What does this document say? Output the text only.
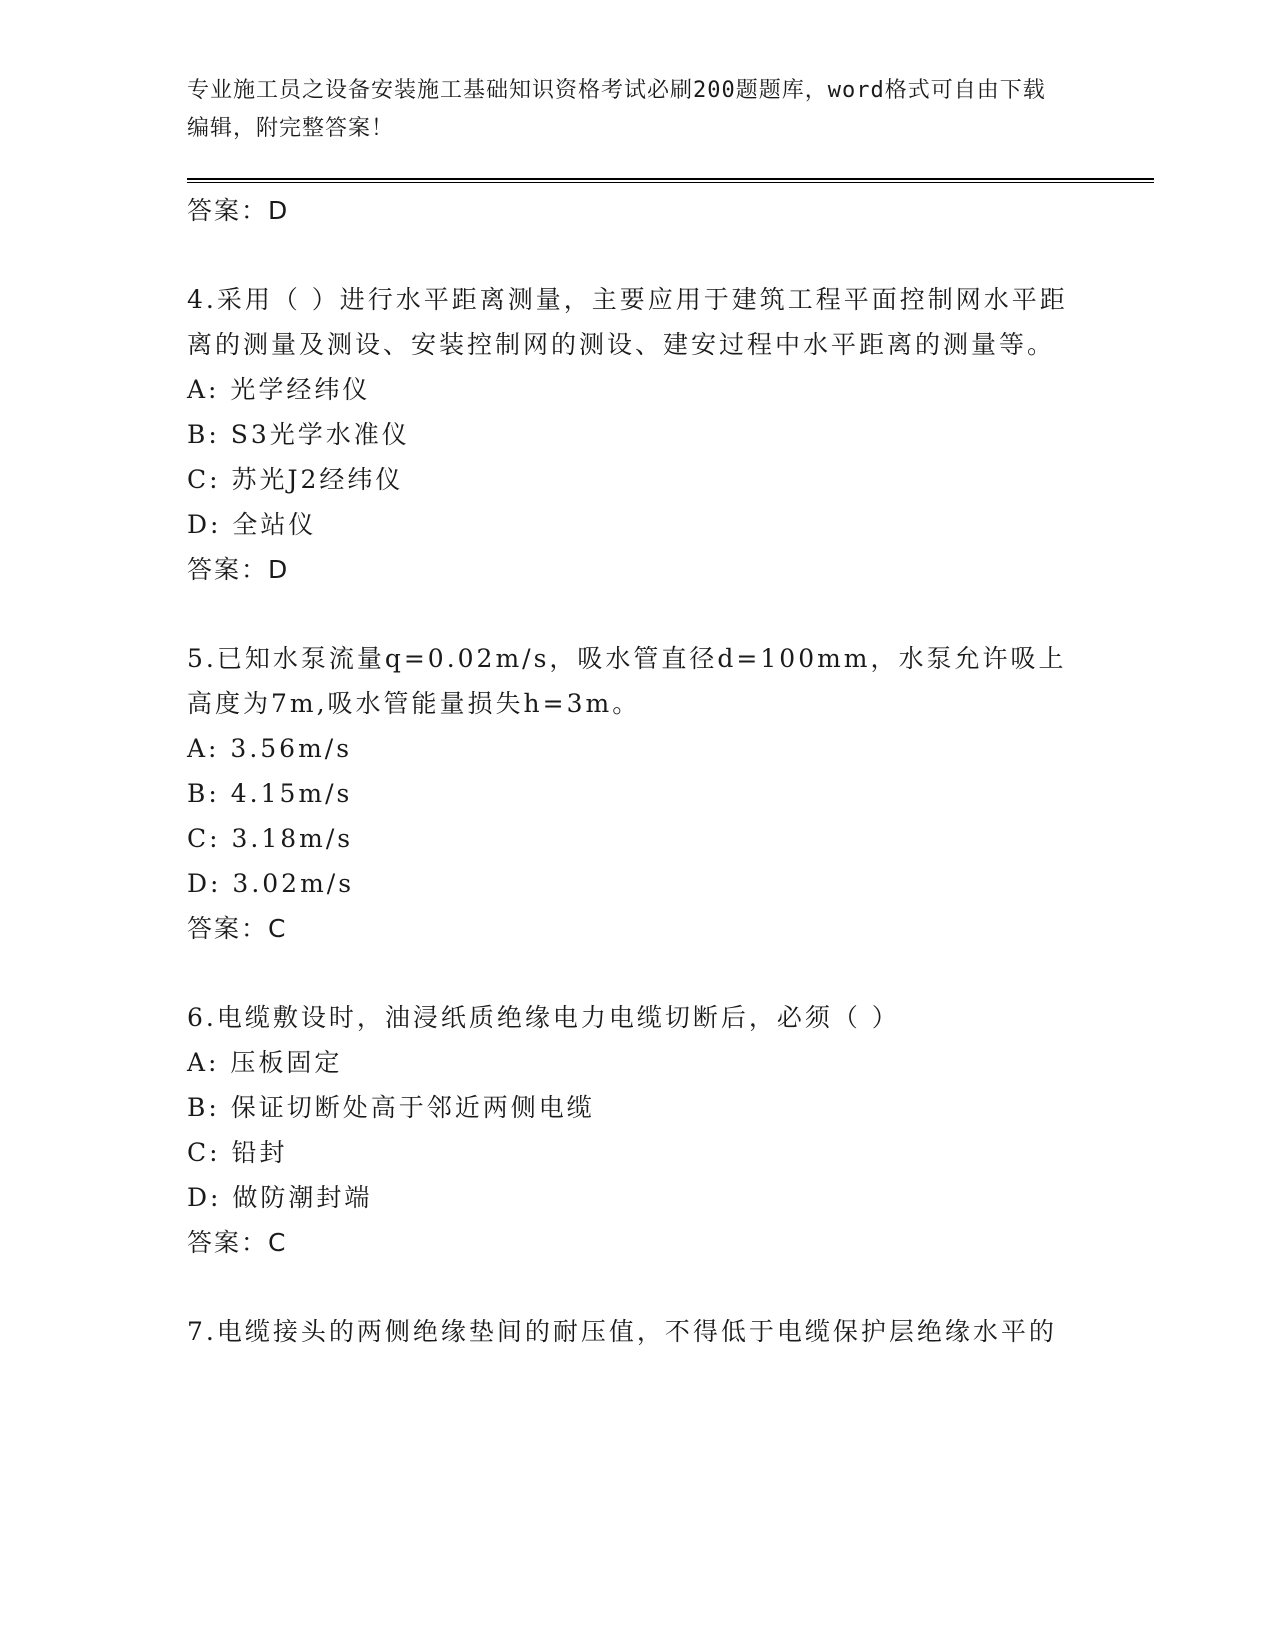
专业施工员之设备安装施工基础知识资格考试必刷200题题库，word格式可自由下载编辑，附完整答案！
答案：D
4.采用（ ）进行水平距离测量，主要应用于建筑工程平面控制网水平距离的测量及测设、安装控制网的测设、建安过程中水平距离的测量等。
A: 光学经纬仪
B: S3光学水准仪
C: 苏光J2经纬仪
D: 全站仪
答案：D
5.已知水泵流量q=0.02m/s，吸水管直径d=100mm，水泵允许吸上高度为7m,吸水管能量损失h=3m。
A: 3.56m/s
B: 4.15m/s
C: 3.18m/s
D: 3.02m/s
答案：C
6.电缆敷设时，油浸纸质绝缘电力电缆切断后，必须（ ）
A: 压板固定
B: 保证切断处高于邻近两侧电缆
C: 铅封
D: 做防潮封端
答案：C
7.电缆接头的两侧绝缘垫间的耐压值，不得低于电缆保护层绝缘水平的
